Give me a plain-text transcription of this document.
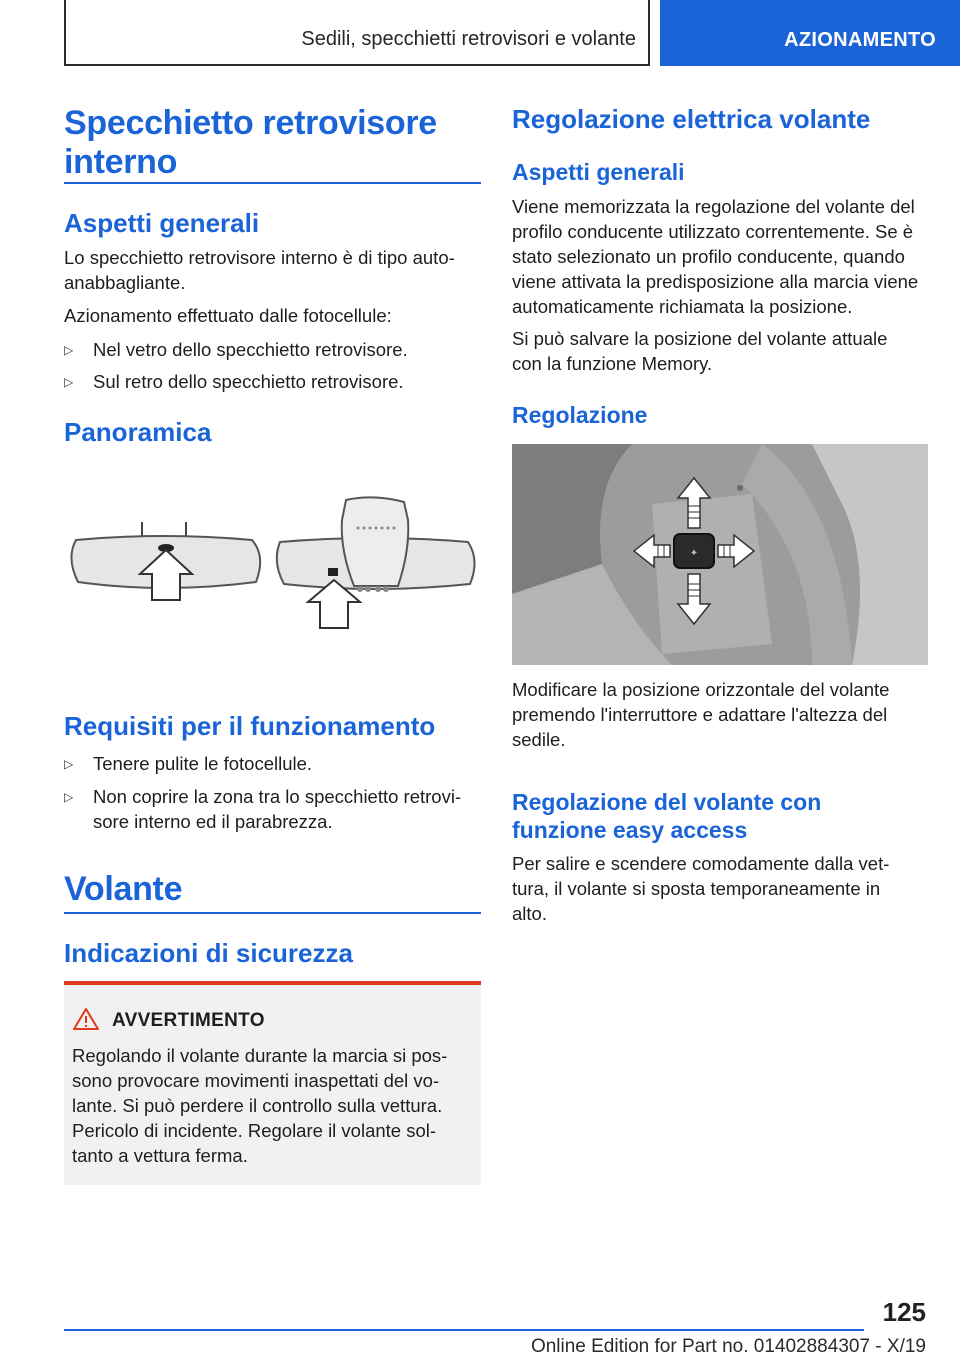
Sedili, specchietti retrovisori e volante	AZIONAMENTO
Specchietto retrovisore
interno
Aspetti generali
Lo specchietto retrovisore interno è di tipo auto-
anabbagliante.
Azionamento effettuato dalle fotocellule:
▷ Nel vetro dello specchietto retrovisore.
▷ Sul retro dello specchietto retrovisore.
Panoramica
Requisiti per il funzionamento
▷ Tenere pulite le fotocellule.
▷ Non coprire la zona tra lo specchietto retrovi-
sore interno ed il parabrezza.
Volante
Indicazioni di sicurezza
AVVERTIMENTO
Regolando il volante durante la marcia si pos-
sono provocare movimenti inaspettati del vo-
lante. Si può perdere il controllo sulla vettura.
Pericolo di incidente. Regolare il volante sol-
tanto a vettura ferma.
Regolazione elettrica volante
Aspetti generali
Viene memorizzata la regolazione del volante del
profilo conducente utilizzato correntemente. Se è
stato selezionato un profilo conducente, quando
viene attivata la predisposizione alla marcia viene
automaticamente richiamata la posizione.
Si può salvare la posizione del volante attuale
con la funzione Memory.
Regolazione
✦
Modificare la posizione orizzontale del volante
premendo l'interruttore e adattare l'altezza del
sedile.
Regolazione del volante con
funzione easy access
Per salire e scendere comodamente dalla vet-
tura, il volante si sposta temporaneamente in
alto.
125
Online Edition for Part no. 01402884307 - X/19
